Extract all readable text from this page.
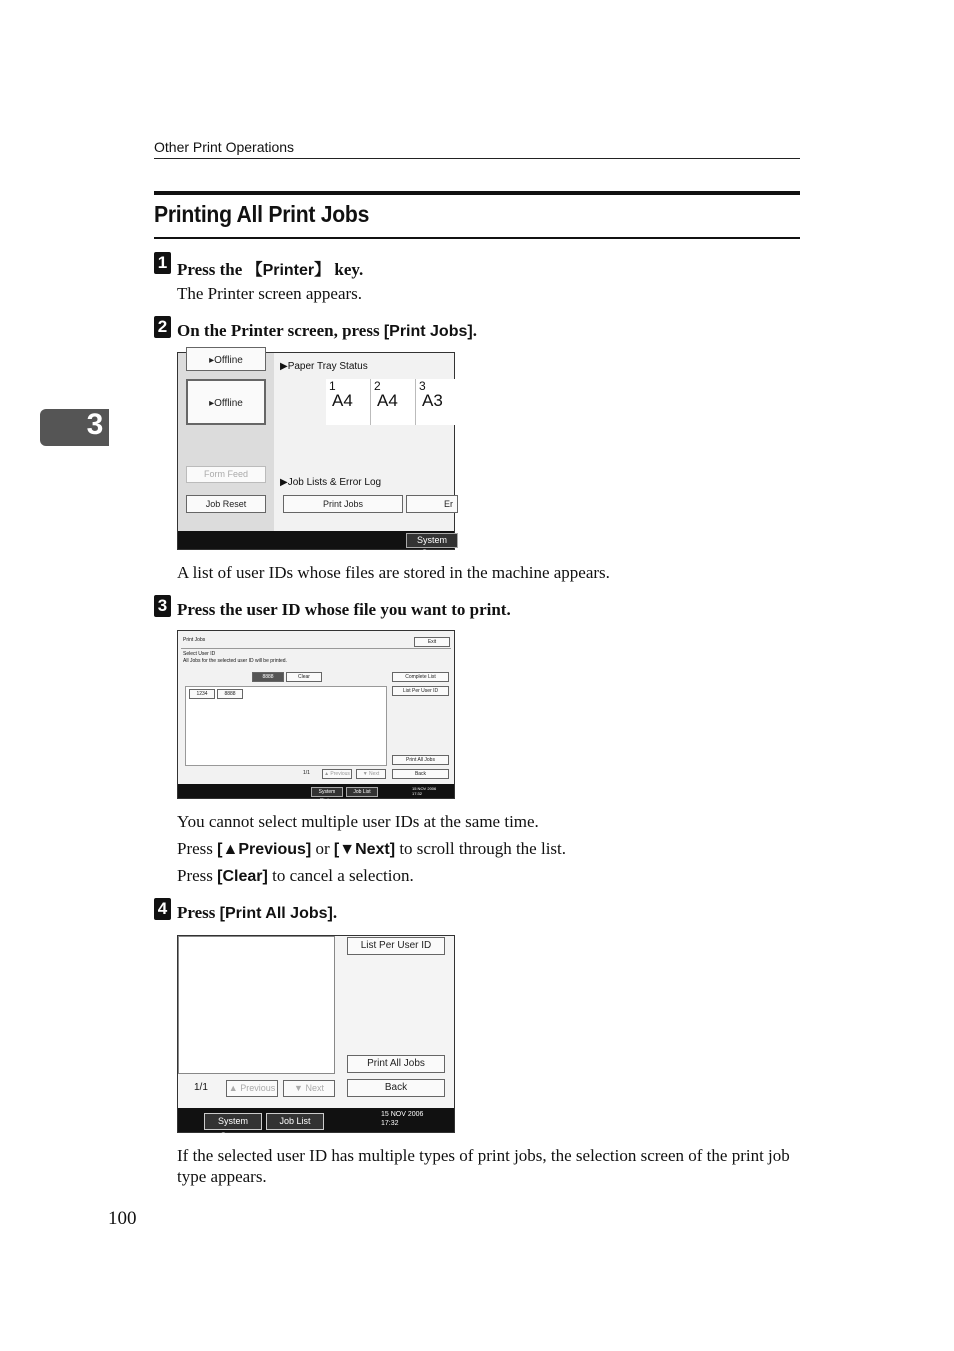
Other Print Operations
Printing All Print Jobs
3
1 Press the 【Printer】 key.
The Printer screen appears.
2 On the Printer screen, press [Print Jobs].
▸Offline
▸Offline
Form Feed
Job Reset
▶Paper Tray Status
1
A4
2
A4
3
A3
▶Job Lists & Error Log
Print Jobs	Er
System Statu
A list of user IDs whose files are stored in the machine appears.
3 Press the user ID whose file you want to print.
Print Jobs	Exit
Select User ID
All Jobs for the selected user ID will be printed.
8888	Clear	Complete List
List Per User ID
1234	8888
Print All Jobs
Back
1/1	▲ Previous	▼ Next
System Status
Job List
15 NOV 2006
17:32
You cannot select multiple user IDs at the same time.
Press [▲Previous] or [▼Next] to scroll through the list.
Press [Clear] to cancel a selection.
4 Press [Print All Jobs].
List Per User ID
Print All Jobs
Back
1/1	▲ Previous	▼ Next
System Status
Job List
15 NOV 2006
17:32
If the selected user ID has multiple types of print jobs, the selection screen of the print job type appears.
100
